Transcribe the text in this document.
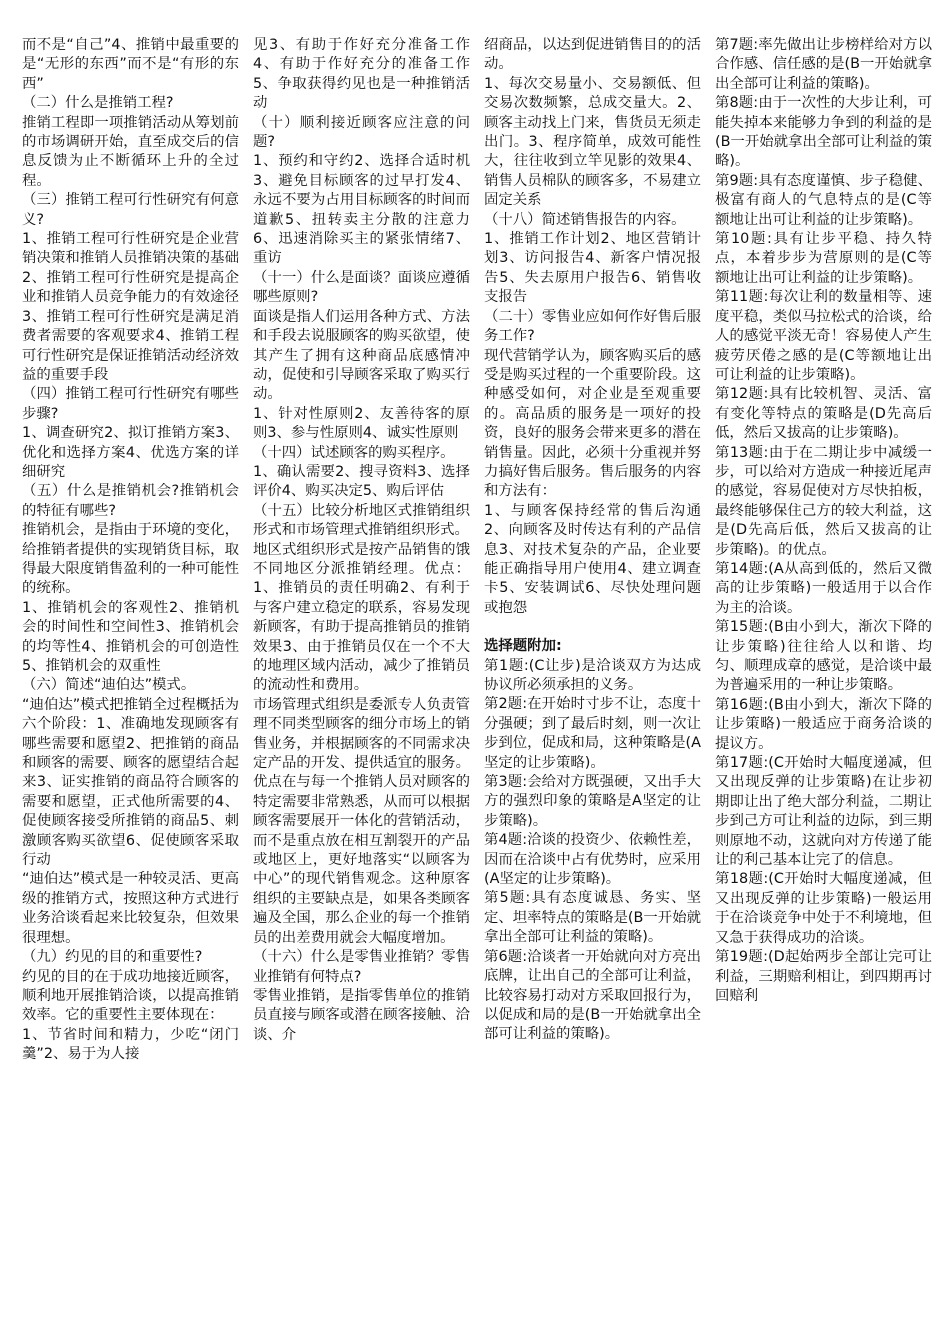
而不是“自己”4、推销中最重要的是“无形的东西”而不是“有形的东西”

（二）什么是推销工程?

推销工程即一项推销活动从筹划前的市场调研开始，直至成交后的信息反馈为止不断循环上升的全过程。

（三）推销工程可行性研究有何意义?

1、推销工程可行性研究是企业营销决策和推销人员推销决策的基础2、推销工程可行性研究是提高企业和推销人员竞争能力的有效途径3、推销工程可行性研究是满足消费者需要的客观要求4、推销工程可行性研究是保证推销活动经济效益的重要手段

（四）推销工程可行性研究有哪些步骤?

1、调查研究2、拟订推销方案3、优化和选择方案4、优选方案的详细研究

（五）什么是推销机会?推销机会的特征有哪些?

推销机会，是指由于环境的变化，给推销者提供的实现销货目标，取得最大限度销售盈利的一种可能性的统称。

1、推销机会的客观性2、推销机会的时间性和空间性3、推销机会的均等性4、推销机会的可创造性5、推销机会的双重性

（六）简述“迪伯达”模式。

“迪伯达”模式把推销全过程概括为六个阶段：1、准确地发现顾客有哪些需要和愿望2、把推销的商品和顾客的需要、顾客的愿望结合起来3、证实推销的商品符合顾客的需要和愿望，正式他所需要的4、促使顾客接受所推销的商品5、刺激顾客购买欲望6、促使顾客采取行动

“迪伯达”模式是一种较灵活、更高级的推销方式，按照这种方式进行业务洽谈看起来比较复杂，但效果很理想。

（九）约见的目的和重要性?

约见的目的在于成功地接近顾客，顺利地开展推销洽谈，以提高推销效率。它的重要性主要体现在：

1、节省时间和精力，少吃“闭门羹”2、易于为人接

见3、有助于作好充分准备工作4、有助于作好充分的准备工作5、争取获得约见也是一种推销活动

（十）顺利接近顾客应注意的问题?

1、预约和守约2、选择合适时机3、避免目标顾客的过早打发4、永远不要为占用目标顾客的时间而道歉5、扭转卖主分散的注意力6、迅速消除买主的紧张情绪7、重访

（十一）什么是面谈？面谈应遵循哪些原则?

面谈是指人们运用各种方式、方法和手段去说服顾客的购买欲望，使其产生了拥有这种商品底感情冲动，促使和引导顾客采取了购买行动。

1、针对性原则2、友善待客的原则3、参与性原则4、诚实性原则

（十四）试述顾客的购买程序。

1、确认需要2、搜寻资料3、选择评价4、购买决定5、购后评估

（十五）比较分析地区式推销组织形式和市场管理式推销组织形式。

地区式组织形式是按产品销售的饿不同地区分派推销经理。优点：1、推销员的责任明确2、有利于与客户建立稳定的联系，容易发现新顾客，有助于提高推销员的推销效果3、由于推销员仅在一个不大的地理区域内活动，减少了推销员的流动性和费用。

市场管理式组织是委派专人负责管理不同类型顾客的细分市场上的销售业务，并根据顾客的不同需求决定产品的开发、提供适宜的服务。优点在与每一个推销人员对顾客的特定需要非常熟悉，从而可以根据顾客需要展开一体化的营销活动，而不是重点放在相互割裂开的产品或地区上，更好地落实“以顾客为中心”的现代销售观念。这种原客组织的主要缺点是，如果各类顾客遍及全国，那么企业的每一个推销员的出差费用就会大幅度增加。

（十六）什么是零售业推销？零售业推销有何特点?

零售业推销，是指零售单位的推销员直接与顾客或潜在顾客接触、洽谈、介

绍商品，以达到促进销售目的的活动。

1、每次交易量小、交易额低、但交易次数频繁，总成交量大。2、顾客主动找上门来，售货员无须走出门。3、程序简单，成效可能性大，往往收到立竿见影的效果4、销售人员棉队的顾客多，不易建立固定关系

（十八）简述销售报告的内容。

1、推销工作计划2、地区营销计划3、访问报告4、新客户情况报告5、失去原用户报告6、销售收支报告

（二十）零售业应如何作好售后服务工作?

现代营销学认为，顾客购买后的感受是购买过程的一个重要阶段。这种感受如何，对企业是至观重要的。高品质的服务是一项好的投资，良好的服务会带来更多的潜在销售量。因此，必须十分重视并努力搞好售后服务。售后服务的内容和方法有：

1、与顾客保持经常的售后沟通2、向顾客及时传达有利的产品信息3、对技术复杂的产品，企业要能正确指导用户使用4、建立调查卡5、安装调试6、尽快处理问题或抱怨

选择题附加:

第1题:(C让步)是洽谈双方为达成协议所必须承担的义务。

第2题:在开始时寸步不让，态度十分强硬；到了最后时刻，则一次让步到位，促成和局，这种策略是(A坚定的让步策略)。

第3题:会给对方既强硬，又出手大方的强烈印象的策略是A坚定的让步策略)。

第4题:洽谈的投资少、依赖性差，因而在洽谈中占有优势时，应采用(A坚定的让步策略)。

第5题:具有态度诚恳、务实、坚定、坦率特点的策略是(B一开始就拿出全部可让利益的策略)。

第6题:洽谈者一开始就向对方亮出底牌，让出自己的全部可让利益，比较容易打动对方采取回报行为，以促成和局的是(B一开始就拿出全部可让利益的策略)。

第7题:率先做出让步榜样给对方以合作感、信任感的是(B一开始就拿出全部可让利益的策略)。

第8题:由于一次性的大步让利，可能失掉本来能够力争到的利益的是(B一开始就拿出全部可让利益的策略)。

第9题:具有态度谨慎、步子稳健、极富有商人的气息特点的是(C等额地让出可让利益的让步策略)。

第10题:具有让步平稳、持久特点，本着步步为营原则的是(C等额地让出可让利益的让步策略)。

第11题:每次让利的数量相等、速度平稳，类似马拉松式的洽谈，给人的感觉平淡无奇！容易使人产生疲劳厌倦之感的是(C等额地让出可让利益的让步策略)。

第12题:具有比较机智、灵活、富有变化等特点的策略是(D先高后低，然后又拔高的让步策略)。

第13题:由于在二期让步中减缓一步，可以给对方造成一种接近尾声的感觉，容易促使对方尽快拍板，最终能够保住己方的较大利益，这是(D先高后低，然后又拔高的让步策略)。的优点。

第14题:(A从高到低的，然后又微高的让步策略)一般适用于以合作为主的洽谈。

第15题:(B由小到大，渐次下降的让步策略)往往给人以和谐、均匀、顺理成章的感觉，是洽谈中最为普遍采用的一种让步策略。

第16题:(B由小到大，渐次下降的让步策略)一般适应于商务洽谈的提议方。

第17题:(C开始时大幅度递减，但又出现反弹的让步策略)在让步初期即让出了绝大部分利益，二期让步到己方可让利益的边际，到三期则原地不动，这就向对方传递了能让的利己基本让完了的信息。

第18题:(C开始时大幅度递减，但又出现反弹的让步策略)一般运用于在洽谈竞争中处于不利境地，但又急于获得成功的洽谈。

第19题:(D起始两步全部让完可让利益，三期赔利相让，到四期再讨回赔利
